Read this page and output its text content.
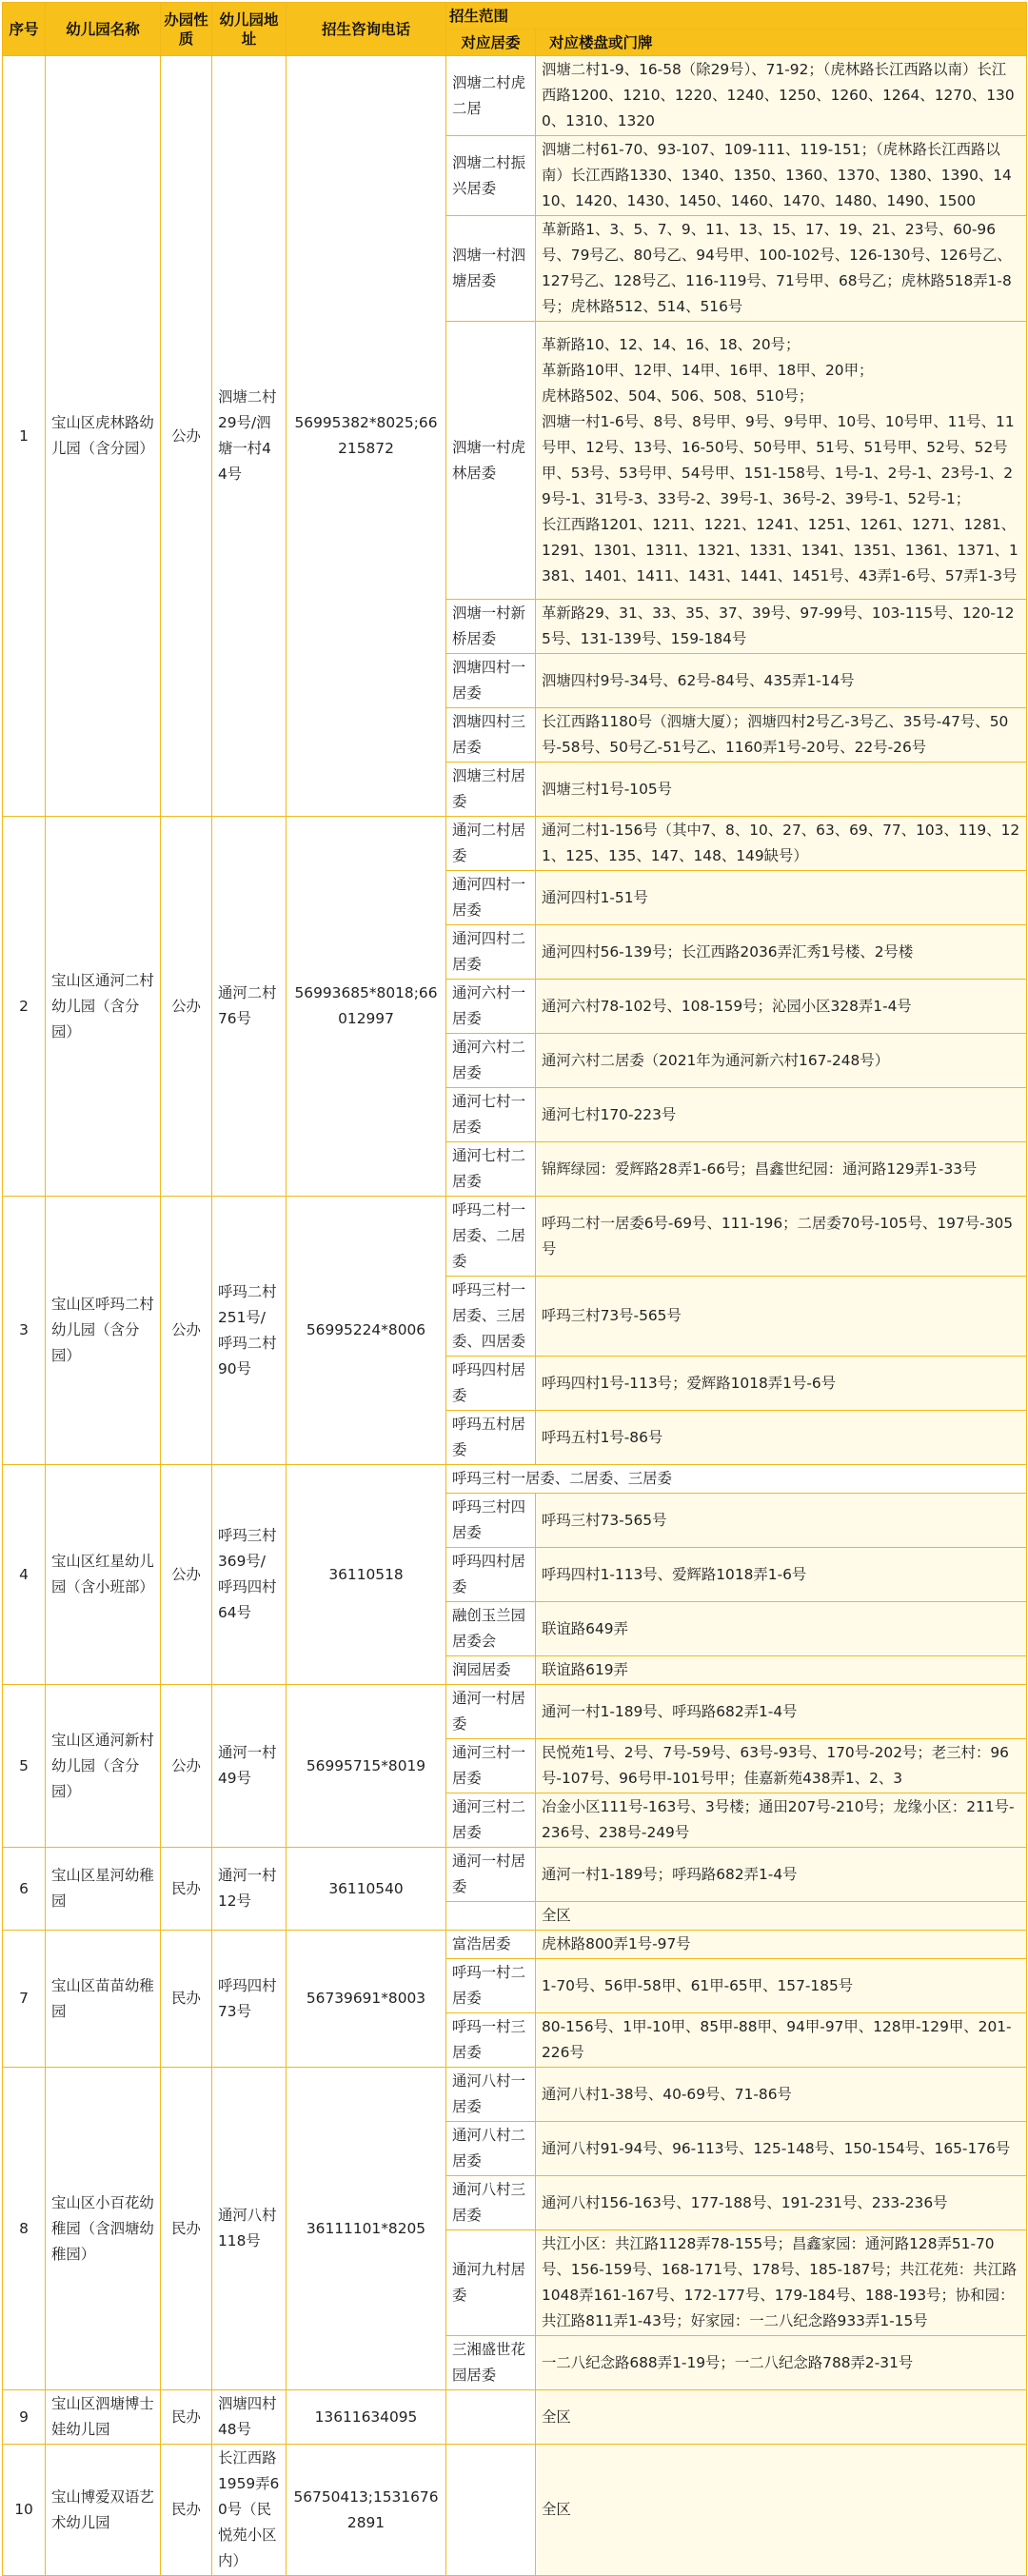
序号	幼儿园名称	办园性质	幼儿园地址	招生咨询电话	招生范围	
					对应居委	对应楼盘或门牌
1	宝山区虎林路幼儿园（含分园）	公办	泗塘二村29号/泗塘一村44号	56995382*8025;66215872	泗塘二村虎二居	泗塘二村1-9、16-58（除29号）、71-92；（虎林路长江西路以南）长江西路1200、1210、1220、1240、1250、1260、1264、1270、1300、1310、1320
					泗塘二村振兴居委	泗塘二村61-70、93-107、109-111、119-151；（虎林路长江西路以南）长江西路1330、1340、1350、1360、1370、1380、1390、1410、1420、1430、1450、1460、1470、1480、1490、1500
					泗塘一村泗塘居委	革新路1、3、5、7、9、11、13、15、17、19、21、23号、60-96号、79号乙、80号乙、94号甲、100-102号、126-130号、126号乙、127号乙、128号乙、116-119号、71号甲、68号乙；虎林路518弄1-8号；虎林路512、514、516号
					泗塘一村虎林居委	革新路10、12、14、16、18、20号；
革新路10甲、12甲、14甲、16甲、18甲、20甲；
虎林路502、504、506、508、510号；
泗塘一村1-6号、8号、8号甲、9号、9号甲、10号、10号甲、11号、11号甲、12号、13号、16-50号、50号甲、51号、51号甲、52号、52号甲、53号、53号甲、54号甲、151-158号、1号-1、2号-1、23号-1、29号-1、31号-3、33号-2、39号-1、36号-2、39号-1、52号-1；
长江西路1201、1211、1221、1241、1251、1261、1271、1281、1291、1301、1311、1321、1331、1341、1351、1361、1371、1381、1401、1411、1431、1441、1451号、43弄1-6号、57弄1-3号
					泗塘一村新桥居委	革新路29、31、33、35、37、39号、97-99号、103-115号、120-125号、131-139号、159-184号
					泗塘四村一居委	泗塘四村9号-34号、62号-84号、435弄1-14号
					泗塘四村三居委	长江西路1180号（泗塘大厦）；泗塘四村2号乙-3号乙、35号-47号、50号-58号、50号乙-51号乙、1160弄1号-20号、22号-26号
					泗塘三村居委	泗塘三村1号-105号
2	宝山区通河二村幼儿园（含分园）	公办	通河二村76号	56993685*8018;66012997	通河二村居委	通河二村1-156号（其中7、8、10、27、63、69、77、103、119、121、125、135、147、148、149缺号）
					通河四村一居委	通河四村1-51号
					通河四村二居委	通河四村56-139号；长江西路2036弄汇秀1号楼、2号楼
					通河六村一居委	通河六村78-102号、108-159号；沁园小区328弄1-4号
					通河六村二居委	通河六村二居委（2021年为通河新六村167-248号）
					通河七村一居委	通河七村170-223号
					通河七村二居委	锦辉绿园：爱辉路28弄1-66号；昌鑫世纪园：通河路129弄1-33号
3	宝山区呼玛二村幼儿园（含分园）	公办	呼玛二村251号/呼玛二村90号	56995224*8006	呼玛二村一居委、二居委	呼玛二村一居委6号-69号、111-196；二居委70号-105号、197号-305号
					呼玛三村一居委、三居委、四居委	呼玛三村73号-565号
					呼玛四村居委	呼玛四村1号-113号；爱辉路1018弄1号-6号
					呼玛五村居委	呼玛五村1号-86号
4	宝山区红星幼儿园（含小班部）	公办	呼玛三村369号/呼玛四村64号	36110518	呼玛三村一居委、二居委、三居委	
					呼玛三村四居委	呼玛三村73-565号
					呼玛四村居委	呼玛四村1-113号、爱辉路1018弄1-6号
					融创玉兰园居委会	联谊路649弄
					润园居委	联谊路619弄
5	宝山区通河新村幼儿园（含分园）	公办	通河一村49号	56995715*8019	通河一村居委	通河一村1-189号、呼玛路682弄1-4号
					通河三村一居委	民悦苑1号、2号、7号-59号、63号-93号、170号-202号；老三村：96号-107号、96号甲-101号甲；佳嘉新苑438弄1、2、3
					通河三村二居委	冶金小区111号-163号、3号楼；通田207号-210号；龙缘小区：211号-236号、238号-249号
6	宝山区星河幼稚园	民办	通河一村12号	36110540	通河一村居委	通河一村1-189号；呼玛路682弄1-4号
						全区
7	宝山区苗苗幼稚园	民办	呼玛四村73号	56739691*8003	富浩居委	虎林路800弄1号-97号
					呼玛一村二居委	1-70号、56甲-58甲、61甲-65甲、157-185号
					呼玛一村三居委	80-156号、1甲-10甲、85甲-88甲、94甲-97甲、128甲-129甲、201-226号
8	宝山区小百花幼稚园（含泗塘幼稚园）	民办	通河八村118号	36111101*8205	通河八村一居委	通河八村1-38号、40-69号、71-86号
					通河八村二居委	通河八村91-94号、96-113号、125-148号、150-154号、165-176号
					通河八村三居委	通河八村156-163号、177-188号、191-231号、233-236号
					通河九村居委	共江小区：共江路1128弄78-155号；昌鑫家园：通河路128弄51-70号、156-159号、168-171号、178号、185-187号；共江花苑：共江路1048弄161-167号、172-177号、179-184号、188-193号；协和园：共江路811弄1-43号；好家园：一二八纪念路933弄1-15号
					三湘盛世花园居委	一二八纪念路688弄1-19号；一二八纪念路788弄2-31号
9	宝山区泗塘博士娃幼儿园	民办	泗塘四村48号	13611634095		全区
10	宝山博爱双语艺术幼儿园	民办	长江西路1959弄60号（民悦苑小区内）	56750413;15316762891		全区
